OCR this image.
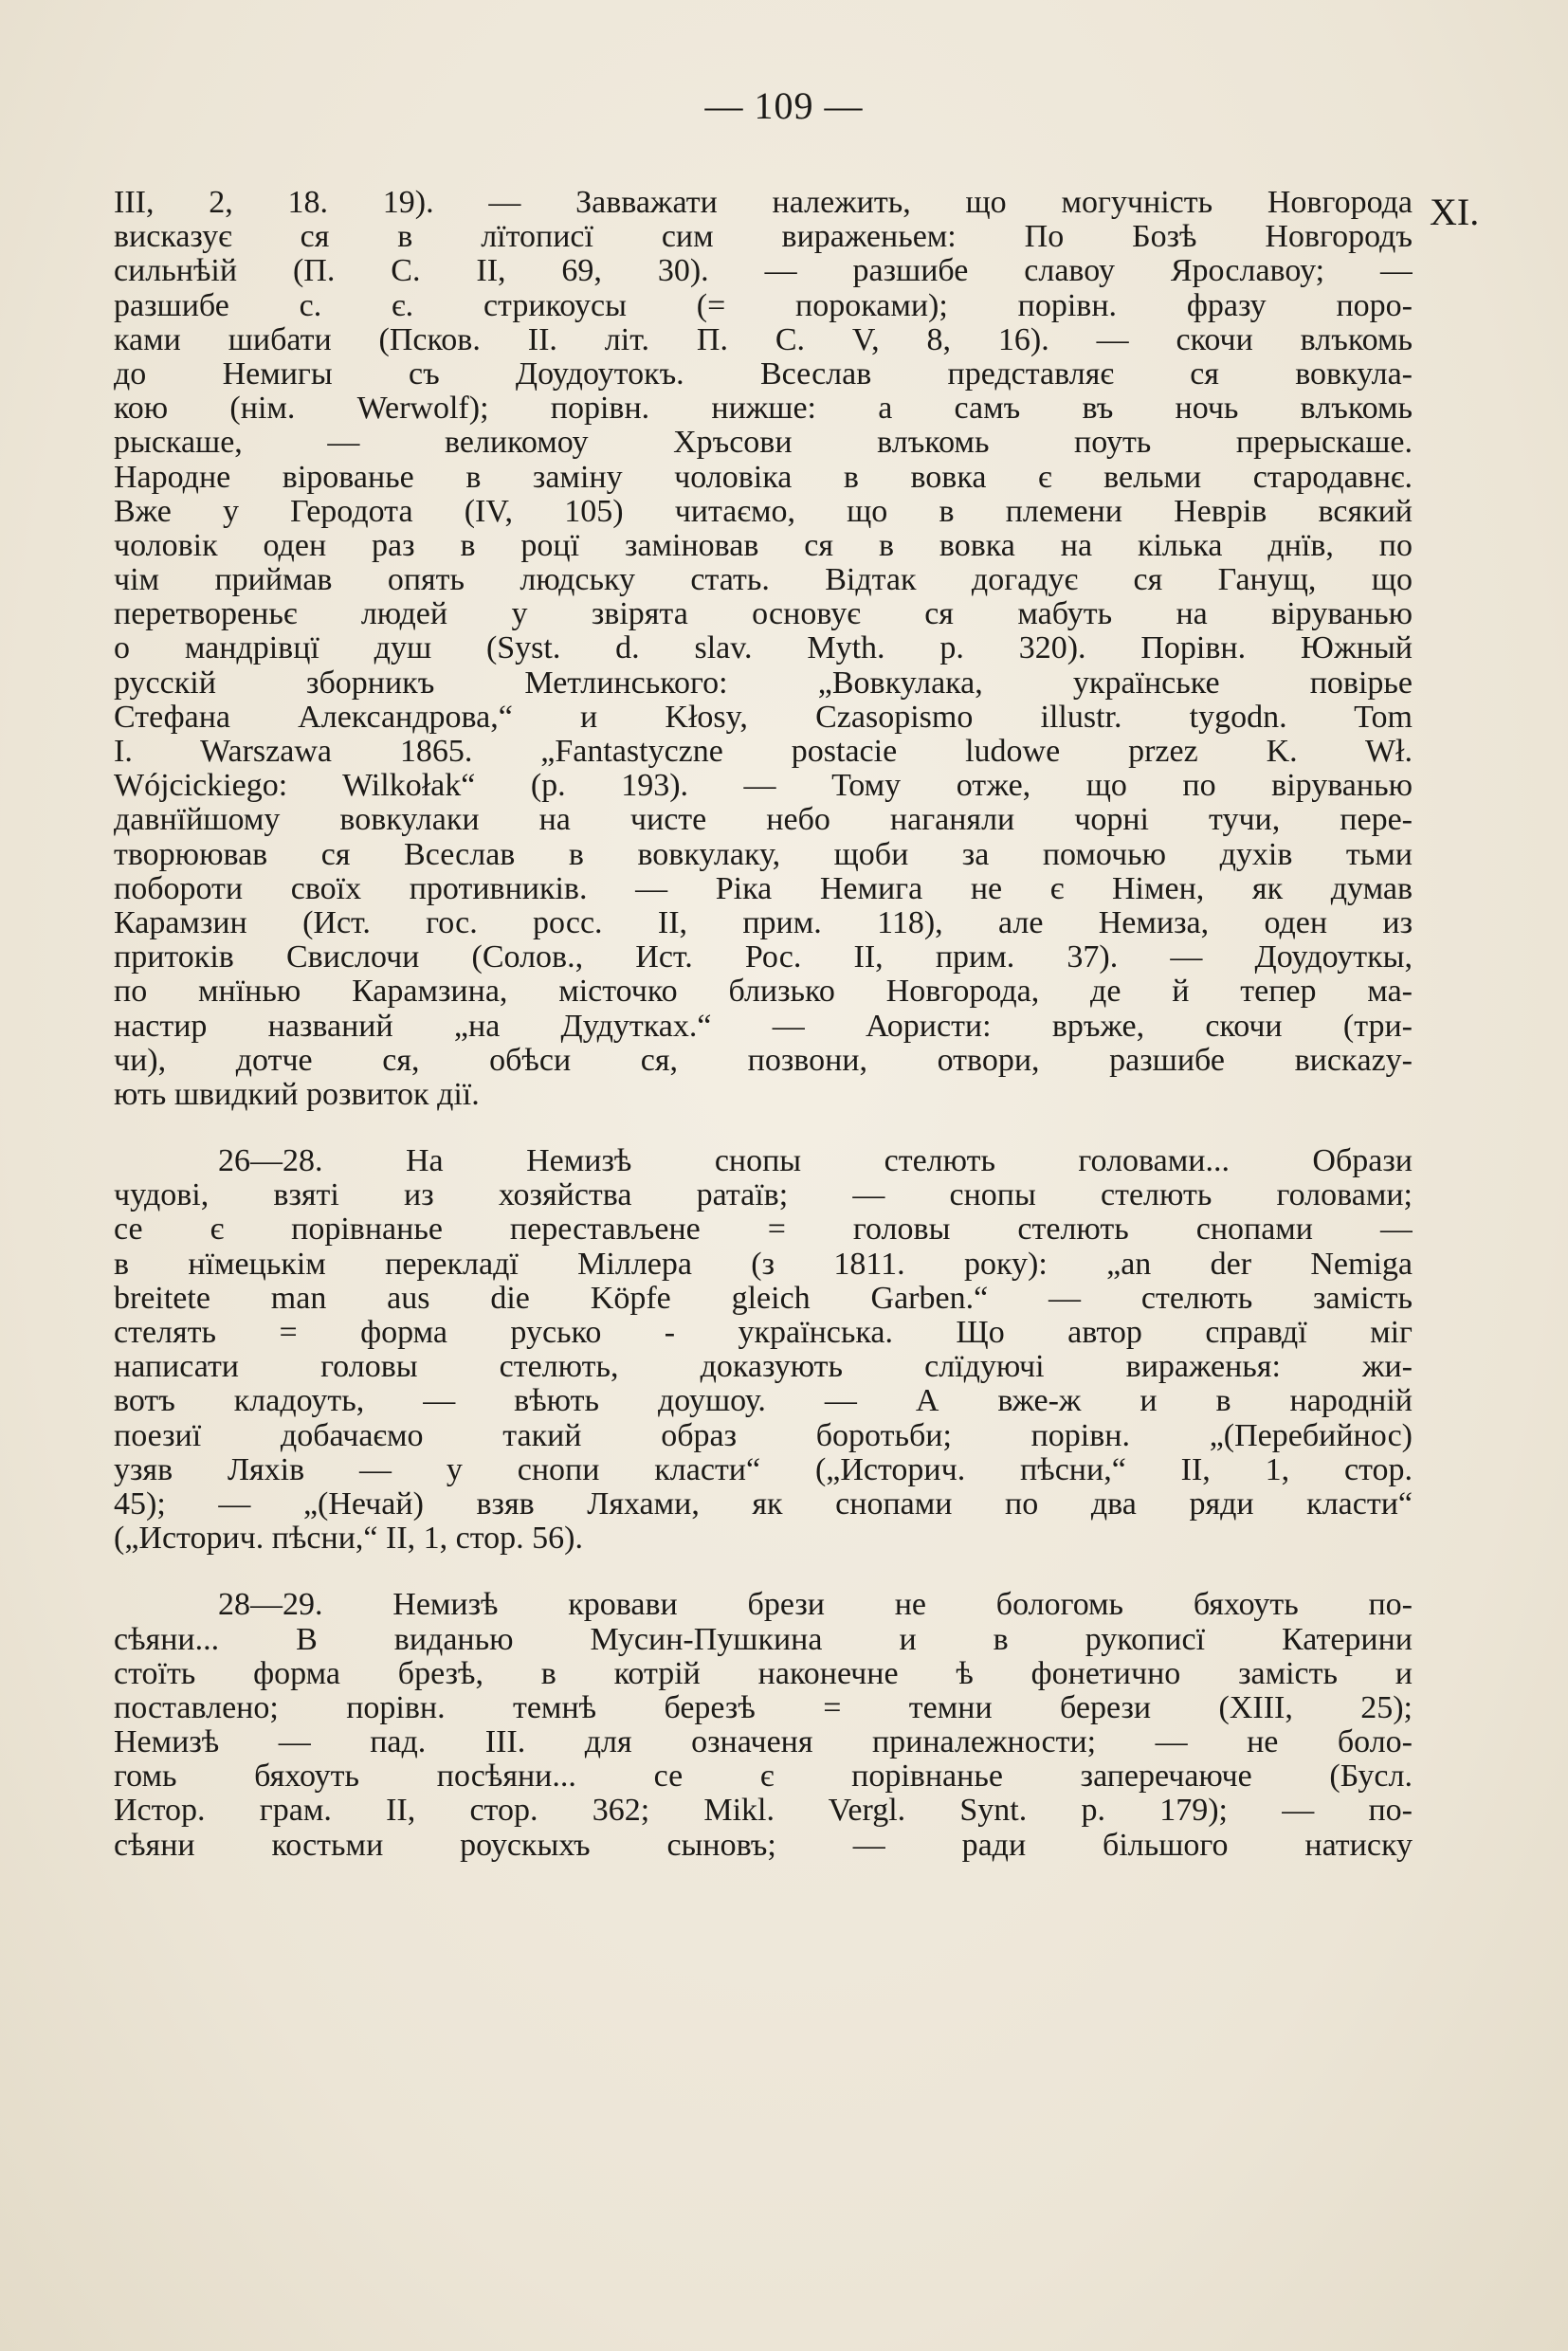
— 109 —
XI.
III, 2, 18. 19). — Завважати належить, що могучність Новгорода
висказує ся в лїтописї сим вираженьем: По Бозѣ Новгородъ
сильнѣій (П. С. II, 69, 30). — разшибе славоу Ярославоу; —
разшибе с. є. стрикоусы (= пороками); порівн. фразу поро-
ками шибати (Псков. II. літ. П. С. V, 8, 16). — скочи влъкомь
до Немигы съ Доудоутокъ. Всеслав представляє ся вовкула-
кою (нім. Werwolf); порівн. нижше: а самъ въ ночь влъкомь
рыскаше, — великомоу Хръсови влъкомь поуть прерыскаше.
Народне вірованье в заміну чоловіка в вовка є вельми стародавнє.
Вже у Геродота (IV, 105) читаємо, що в племени Неврів всякий
чоловік оден раз в роцї заміновав ся в вовка на кілька днїв, по
чім приймав опять людську стать. Відтак догадує ся Ганущ, що
перетвореньє людей у звірята основує ся мабуть на віруванью
о мандрівцї душ (Syst. d. slav. Myth. p. 320). Порівн. Южный
русскій зборникъ Метлинського: „Вовкулака, українське повірье
Стефана Александрова,“ и Kłosy, Czasopismo illustr. tygodn. Tom
I. Warszawa 1865. „Fantastyczne postacie ludowe przez K. Wł.
Wójcickiego: Wilkołak“ (p. 193). — Тому отже, що по віруванью
давнїйшому вовкулаки на чисте небо наганяли чорні тучи, пере-
творюював ся Всеслав в вовкулаку, щоби за помочью духів тьми
побороти своїх противників. — Ріка Немига не є Німен, як думав
Карамзин (Ист. гос. росс. II, прим. 118), але Немиза, оден из
притоків Свислочи (Солов., Ист. Рос. II, прим. 37). — Доудоуткы,
по мнїнью Карамзина, місточко близько Новгорода, де й тепер ма-
настир названий „на Дудутках.“ — Аористи: връже, скочи (три-
чи), дотче ся, обѣси ся, позвони, отвори, разшибе вискazу-
ють швидкий розвиток дії.
26—28. На Немизѣ снопы стелють головами... Образи
чудові, взяті из хозяйства ратаїв; — снопы стелють головами;
се є порівнанье перестављене = головы стелють снопами —
в нїмецькім перекладї Міллера (з 1811. року): „an der Nemiga
breitete man aus die Köpfe gleich Garben.“ — стелють замість
стелять = форма русько - українська. Що автор справдї міг
написати головы стелють, доказують слїдуючі вираженья: жи-
вотъ кладоуть, — вѣють доушоу. — А вже-ж и в народній
поезиї добачаємо такий образ боротьби; порівн. „(Перебийнос)
узяв Ляхів — у снопи класти“ („Историч. пѣсни,“ II, 1, стор.
45); — „(Нечай) взяв Ляхами, як снопами по два ряди класти“
(„Историч. пѣсни,“ II, 1, стор. 56).
28—29. Немизѣ кровави брези не бологомь бяхоуть по-
сѣяни... В виданью Мусин-Пушкина и в рукописї Катерини
стоїть форма брезѣ, в котрій наконечне ѣ фонетично замість и
поставлено; порівн. темнѣ березѣ = темни берези (XIII, 25);
Немизѣ — пад. III. для означеня приналежности; — не боло-
гомь бяхоуть посѣяни... се є порівнанье заперечаюче (Бусл.
Истор. грам. II, стор. 362; Mikl. Vergl. Synt. p. 179); — по-
сѣяни костьми роускыхъ сыновъ; — ради більшого натиску
